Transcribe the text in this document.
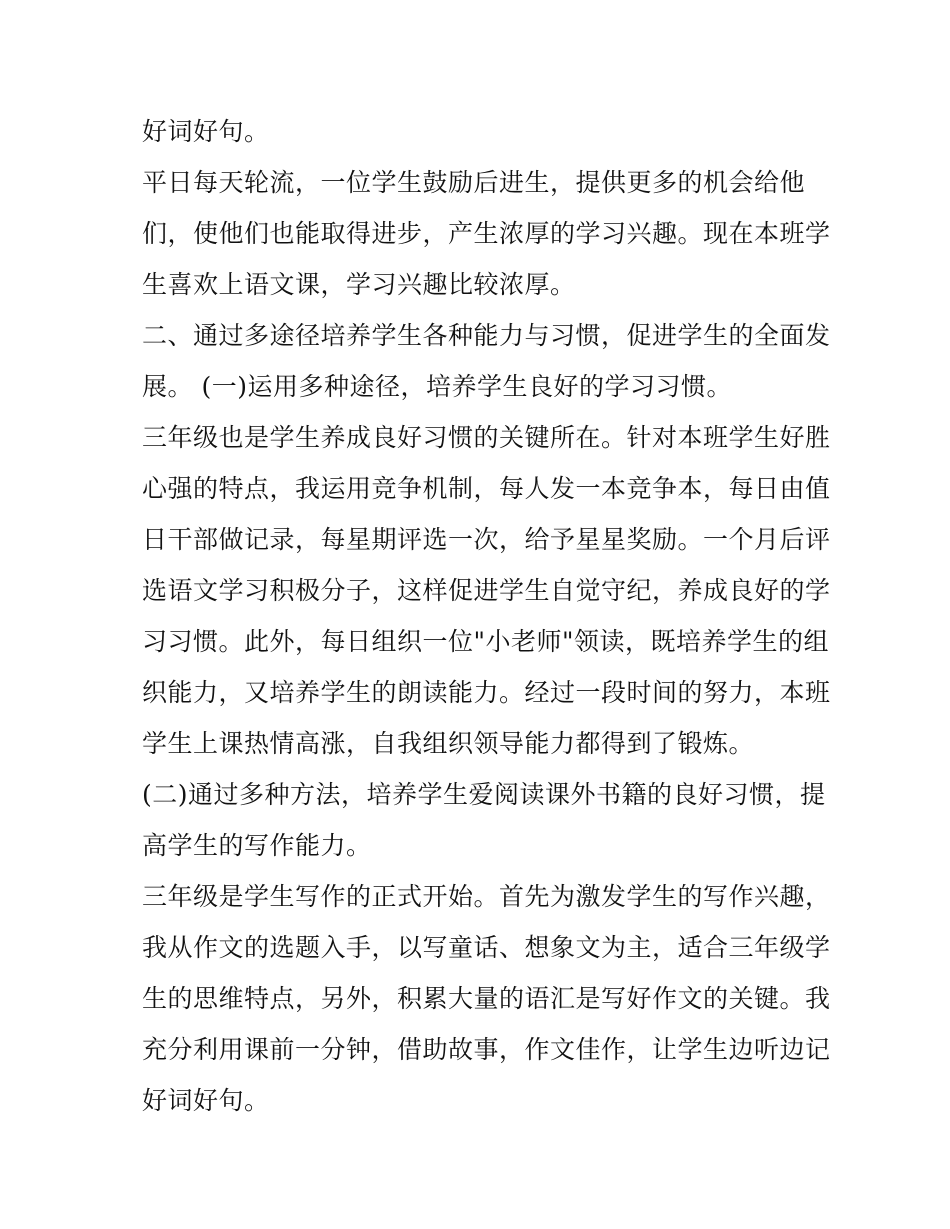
好词好句。
平日每天轮流，一位学生鼓励后进生，提供更多的机会给他
们，使他们也能取得进步，产生浓厚的学习兴趣。现在本班学
生喜欢上语文课，学习兴趣比较浓厚。
二、通过多途径培养学生各种能力与习惯，促进学生的全面发
展。 (一)运用多种途径，培养学生良好的学习习惯。
三年级也是学生养成良好习惯的关键所在。针对本班学生好胜
心强的特点，我运用竞争机制，每人发一本竞争本，每日由值
日干部做记录，每星期评选一次，给予星星奖励。一个月后评
选语文学习积极分子，这样促进学生自觉守纪，养成良好的学
习习惯。此外，每日组织一位"小老师"领读，既培养学生的组
织能力，又培养学生的朗读能力。经过一段时间的努力，本班
学生上课热情高涨，自我组织领导能力都得到了锻炼。
(二)通过多种方法，培养学生爱阅读课外书籍的良好习惯，提
高学生的写作能力。
三年级是学生写作的正式开始。首先为激发学生的写作兴趣，
我从作文的选题入手，以写童话、想象文为主，适合三年级学
生的思维特点，另外，积累大量的语汇是写好作文的关键。我
充分利用课前一分钟，借助故事，作文佳作，让学生边听边记
好词好句。
